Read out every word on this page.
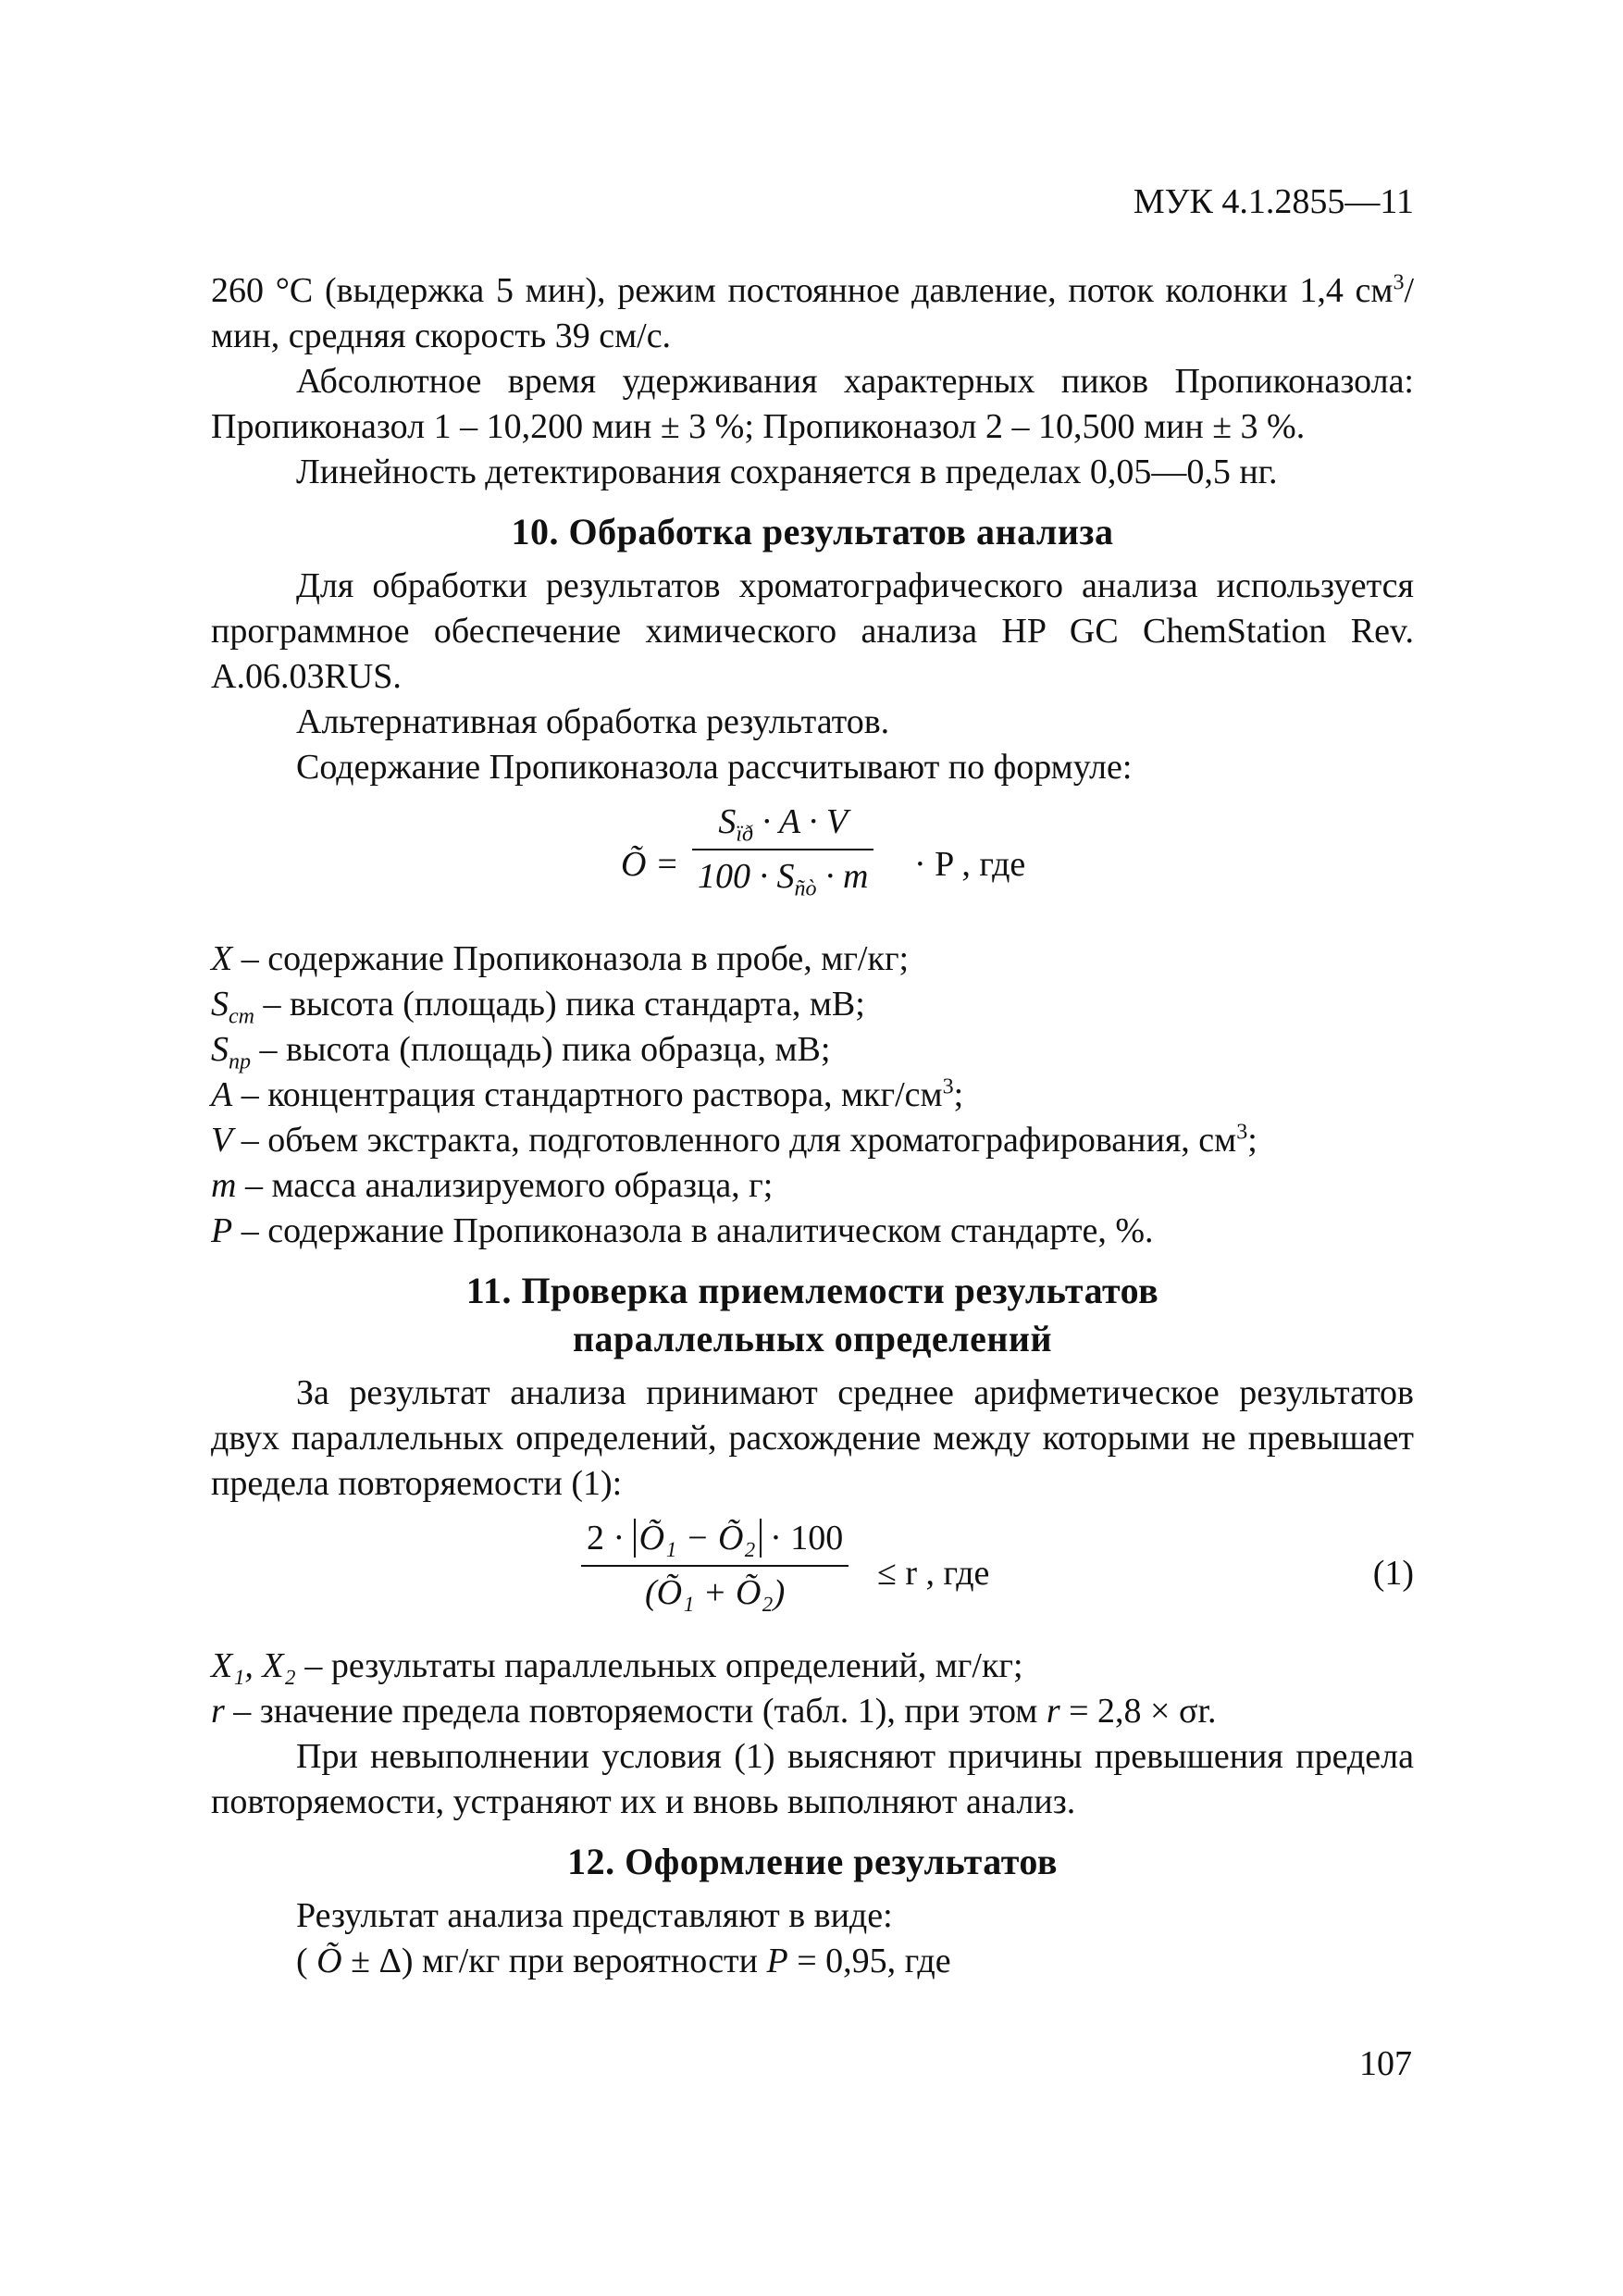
МУК 4.1.2855—11

260 °С (выдержка 5 мин), режим постоянное давление, поток колонки 1,4 $см^3$/мин, средняя скорость 39 см/с.

Абсолютное время удерживания характерных пиков Пропиконазола: Пропиконазол 1 – 10,200 мин ± 3 %; Пропиконазол 2 – 10,500 мин ± 3 %.

Линейность детектирования сохраняется в пределах 0,05—0,5 нг.

10. Обработка результатов анализа

Для обработки результатов хроматографического анализа используется программное обеспечение химического анализа HP GC ChemStation Rev. A.06.03RUS.

Альтернативная обработка результатов.

Содержание Пропиконазола рассчитывают по формуле:

Õ =
$S_{ïð} \cdot A \cdot V$
$100 \cdot S_{ñò} \cdot m \cdot P$ , где

X – содержание Пропиконазола в пробе, мг/кг;

$S_{ст}$ – высота (площадь) пика стандарта, мВ;

$S_{пр}$ – высота (площадь) пика образца, мВ;

A – концентрация стандартного раствора, мкг/$см^3$;

V – объем экстракта, подготовленного для хроматографирования, $см^3$;

m – масса анализируемого образца, г;

P – содержание Пропиконазола в аналитическом стандарте, %.

11. Проверка приемлемости результатов
параллельных определений

За результат анализа принимают среднее арифметическое результатов двух параллельных определений, расхождение между которыми не превышает предела повторяемости (1):

$\frac{\text{2 · Õ₁ − Õ₂ · 100}}{\text{(Õ₁ + Õ₂)}} \le r$ , где	(1)

X₁, X₂ – результаты параллельных определений, мг/кг;

r – значение предела повторяемости (табл. 1), при этом r = 2,8 × σr.

При невыполнении условия (1) выясняют причины превышения предела повторяемости, устраняют их и вновь выполняют анализ.

12. Оформление результатов

Результат анализа представляют в виде:

( Õ ± Δ) мг/кг при вероятности P = 0,95, где

107
